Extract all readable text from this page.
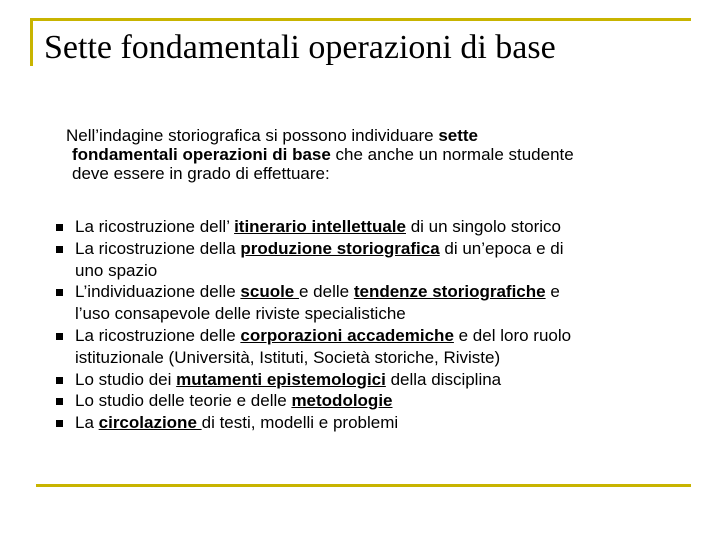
Sette fondamentali operazioni di base

Nell’indagine storiografica si possono individuare sette
fondamentali operazioni di base che anche un normale studente
deve essere in grado di effettuare:

La ricostruzione dell’ itinerario intellettuale di un singolo storico
La ricostruzione della produzione storiografica di un’epoca e di
uno spazio
L’individuazione delle scuole e delle tendenze storiografiche e
l’uso consapevole delle riviste specialistiche
La ricostruzione delle corporazioni accademiche e del loro ruolo
istituzionale (Università, Istituti, Società storiche, Riviste)
Lo studio dei mutamenti epistemologici della disciplina
Lo studio delle teorie e delle metodologie
La circolazione di testi, modelli e problemi
